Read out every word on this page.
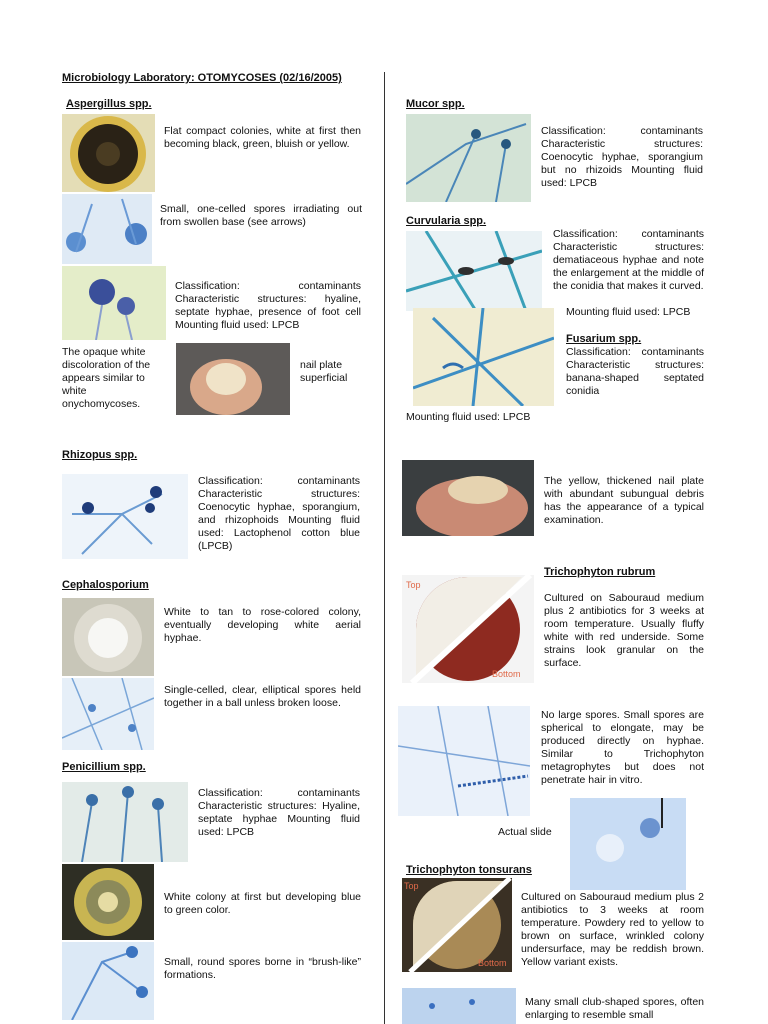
Microbiology Laboratory: OTOMYCOSES (02/16/2005)
Aspergillus spp.
Flat compact colonies, white at first then becoming black, green, bluish or yellow.
Small, one-celled spores irradiating out from swollen base (see arrows)
Classification: contaminants Characteristic structures: hyaline, septate hyphae, presence of foot cell Mounting fluid used: LPCB
The opaque white discoloration of the appears similar to white onychomycoses.
nail plate superficial
Rhizopus spp.
Classification: contaminants Characteristic structures: Coenocytic hyphae, sporangium, and rhizophoids Mounting fluid used: Lactophenol cotton blue (LPCB)
Cephalosporium
White to tan to rose-colored colony, eventually developing white aerial hyphae.
Single-celled, clear, elliptical spores held together in a ball unless broken loose.
Penicillium spp.
Classification: contaminants Characteristic structures: Hyaline, septate hyphae Mounting fluid used: LPCB
White colony at first but developing blue to green color.
Small, round spores borne in “brush-like” formations.
Mucor spp.
Classification: contaminants Characteristic structures: Coenocytic hyphae, sporangium but no rhizoids Mounting fluid used: LPCB
Curvularia spp.
Classification: contaminants Characteristic structures: dematiaceous hyphae and note the enlargement at the middle of the conidia that makes it curved.
Mounting fluid used: LPCB
Fusarium spp.
Classification: contaminants Characteristic structures: banana-shaped septated conidia
Mounting fluid used: LPCB
The yellow, thickened nail plate with abundant subungual debris has the appearance of a typical examination.
Trichophyton rubrum
Top
Bottom
Cultured on Sabouraud medium plus 2 antibiotics for 3 weeks at room temperature. Usually fluffy white with red underside. Some strains look granular on the surface.
No large spores. Small spores are spherical to elongate, may be produced directly on hyphae. Similar to Trichophyton metagrophytes but does not penetrate hair in vitro.
Actual slide
Trichophyton tonsurans
Top
Bottom
Cultured on Sabouraud medium plus 2 antibiotics to 3 weeks at room temperature. Powdery red to yellow to brown on surface, wrinkled colony undersurface, may be reddish brown. Yellow variant exists.
Many small club-shaped spores, often enlarging to resemble small
